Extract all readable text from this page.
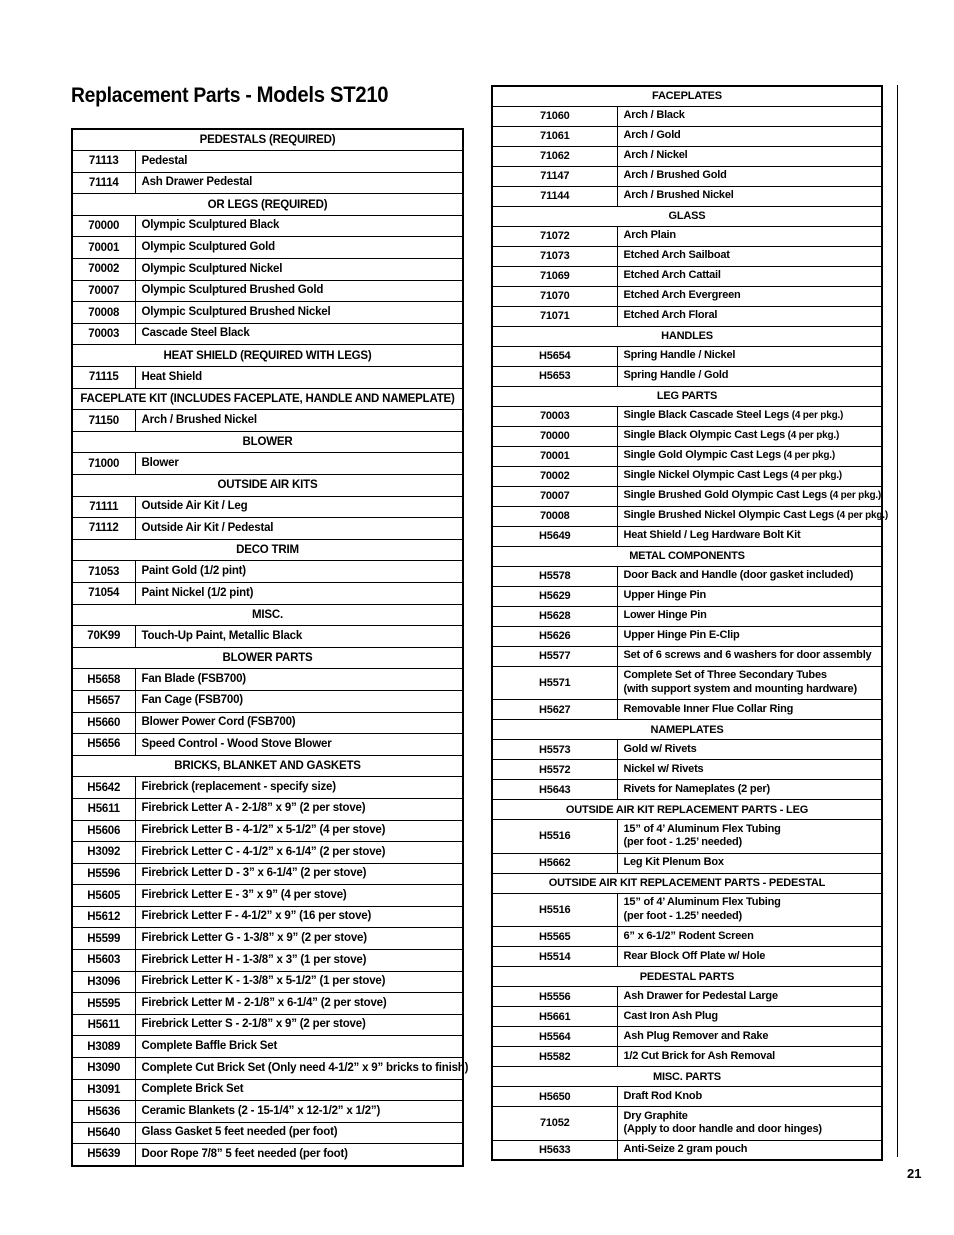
Replacement Parts - Models ST210
PEDESTALS (REQUIRED)	
71113	Pedestal
71114	Ash Drawer Pedestal
OR LEGS (REQUIRED)	
70000	Olympic Sculptured Black
70001	Olympic Sculptured Gold
70002	Olympic Sculptured Nickel
70007	Olympic Sculptured Brushed Gold
70008	Olympic Sculptured Brushed Nickel
70003	Cascade Steel Black
HEAT SHIELD (REQUIRED WITH LEGS)	
71115	Heat Shield
FACEPLATE KIT (INCLUDES FACEPLATE, HANDLE AND NAMEPLATE)	
71150	Arch / Brushed Nickel
BLOWER	
71000	Blower
OUTSIDE AIR KITS	
71111	Outside Air Kit / Leg
71112	Outside Air Kit / Pedestal
DECO TRIM	
71053	Paint Gold (1/2 pint)
71054	Paint Nickel (1/2 pint)
MISC.	
70K99	Touch-Up Paint, Metallic Black
BLOWER PARTS	
H5658	Fan Blade (FSB700)
H5657	Fan Cage (FSB700)
H5660	Blower Power Cord (FSB700)
H5656	Speed Control - Wood Stove Blower
BRICKS, BLANKET AND GASKETS	
H5642	Firebrick (replacement - specify size)
H5611	Firebrick Letter A - 2-1/8” x 9” (2 per stove)
H5606	Firebrick Letter B - 4-1/2” x 5-1/2” (4 per stove)
H3092	Firebrick Letter C - 4-1/2” x 6-1/4” (2 per stove)
H5596	Firebrick Letter D - 3” x 6-1/4” (2 per stove)
H5605	Firebrick Letter E - 3” x 9” (4 per stove)
H5612	Firebrick Letter F - 4-1/2” x 9” (16 per stove)
H5599	Firebrick Letter G - 1-3/8” x 9” (2 per stove)
H5603	Firebrick Letter H - 1-3/8” x 3” (1 per stove)
H3096	Firebrick Letter K - 1-3/8” x 5-1/2” (1 per stove)
H5595	Firebrick Letter M - 2-1/8” x 6-1/4” (2 per stove)
H5611	Firebrick Letter S - 2-1/8” x 9” (2 per stove)
H3089	Complete Baffle Brick Set
H3090	Complete Cut Brick Set (Only need 4-1/2” x 9” bricks to finish)
H3091	Complete Brick Set
H5636	Ceramic Blankets (2 - 15-1/4” x 12-1/2” x 1/2”)
H5640	Glass Gasket 5 feet needed (per foot)
H5639	Door Rope 7/8” 5 feet needed (per foot)
FACEPLATES	
71060	Arch / Black
71061	Arch / Gold
71062	Arch / Nickel
71147	Arch / Brushed Gold
71144	Arch / Brushed Nickel
GLASS	
71072	Arch Plain
71073	Etched Arch Sailboat
71069	Etched Arch Cattail
71070	Etched Arch Evergreen
71071	Etched Arch Floral
HANDLES	
H5654	Spring Handle / Nickel
H5653	Spring Handle / Gold
LEG PARTS	
70003	Single Black Cascade Steel Legs (4 per pkg.)
70000	Single Black Olympic Cast Legs (4 per pkg.)
70001	Single Gold Olympic Cast Legs (4 per pkg.)
70002	Single Nickel Olympic Cast Legs (4 per pkg.)
70007	Single Brushed Gold Olympic Cast Legs (4 per pkg.)
70008	Single Brushed Nickel Olympic Cast Legs (4 per pkg.)
H5649	Heat Shield / Leg Hardware Bolt Kit
METAL COMPONENTS	
H5578	Door Back and Handle (door gasket included)
H5629	Upper Hinge Pin
H5628	Lower Hinge Pin
H5626	Upper Hinge Pin E-Clip
H5577	Set of 6 screws and 6 washers for door assembly
H5571	Complete Set of Three Secondary Tubes
(with support system and mounting hardware)
H5627	Removable Inner Flue Collar Ring
NAMEPLATES	
H5573	Gold w/ Rivets
H5572	Nickel w/ Rivets
H5643	Rivets for Nameplates (2 per)
OUTSIDE AIR KIT REPLACEMENT PARTS - LEG	
H5516	15” of 4’ Aluminum Flex Tubing
(per foot - 1.25’ needed)
H5662	Leg Kit Plenum Box
OUTSIDE AIR KIT REPLACEMENT PARTS - PEDESTAL	
H5516	15” of 4’ Aluminum Flex Tubing
(per foot - 1.25’ needed)
H5565	6” x 6-1/2” Rodent Screen
H5514	Rear Block Off Plate w/ Hole
PEDESTAL PARTS	
H5556	Ash Drawer for Pedestal Large
H5661	Cast Iron Ash Plug
H5564	Ash Plug Remover and Rake
H5582	1/2 Cut Brick for Ash Removal
MISC. PARTS	
H5650	Draft Rod Knob
71052	Dry Graphite
(Apply to door handle and door hinges)
H5633	Anti-Seize 2 gram pouch
21
